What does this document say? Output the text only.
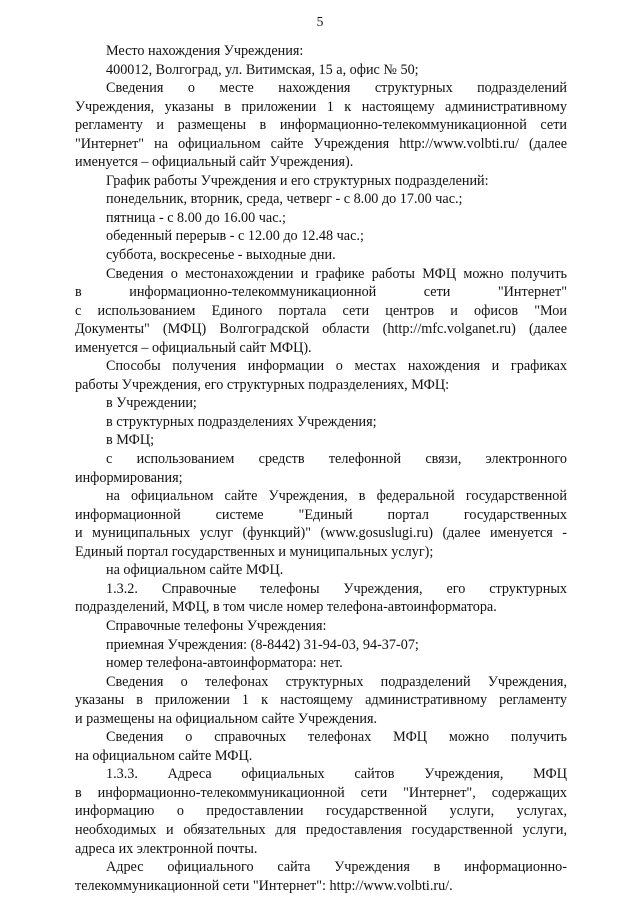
5
Место нахождения Учреждения:
400012, Волгоград, ул. Витимская, 15 а, офис № 50;
Сведения о месте нахождения структурных подразделений
Учреждения, указаны в приложении 1 к настоящему административному
регламенту и размещены в информационно-телекоммуникационной сети
"Интернет" на официальном сайте Учреждения http://www.volbti.ru/ (далее
именуется – официальный сайт Учреждения).
График работы Учреждения и его структурных подразделений:
понедельник, вторник, среда, четверг - с 8.00 до 17.00 час.;
пятница - с 8.00 до 16.00 час.;
обеденный перерыв - с 12.00 до 12.48 час.;
суббота, воскресенье - выходные дни.
Сведения о местонахождении и графике работы МФЦ можно получить
в информационно-телекоммуникационной сети "Интернет"
с использованием Единого портала сети центров и офисов "Мои
Документы" (МФЦ) Волгоградской области (http://mfc.volganet.ru) (далее
именуется – официальный сайт МФЦ).
Способы получения информации о местах нахождения и графиках
работы Учреждения, его структурных подразделениях, МФЦ:
в Учреждении;
в структурных подразделениях Учреждения;
в МФЦ;
с использованием средств телефонной связи, электронного
информирования;
на официальном сайте Учреждения, в федеральной государственной
информационной системе "Единый портал государственных
и муниципальных услуг (функций)" (www.gosuslugi.ru) (далее именуется -
Единый портал государственных и муниципальных услуг);
на официальном сайте МФЦ.
1.3.2. Справочные телефоны Учреждения, его структурных
подразделений, МФЦ, в том числе номер телефона-автоинформатора.
Справочные телефоны Учреждения:
приемная Учреждения: (8-8442) 31-94-03, 94-37-07;
номер телефона-автоинформатора: нет.
Сведения о телефонах структурных подразделений Учреждения,
указаны в приложении 1 к настоящему административному регламенту
и размещены на официальном сайте Учреждения.
Сведения о справочных телефонах МФЦ можно получить
на официальном сайте МФЦ.
1.3.3. Адреса официальных сайтов Учреждения, МФЦ
в информационно-телекоммуникационной сети "Интернет", содержащих
информацию о предоставлении государственной услуги, услугах,
необходимых и обязательных для предоставления государственной услуги,
адреса их электронной почты.
Адрес официального сайта Учреждения в информационно-
телекоммуникационной сети "Интернет": http://www.volbti.ru/.
